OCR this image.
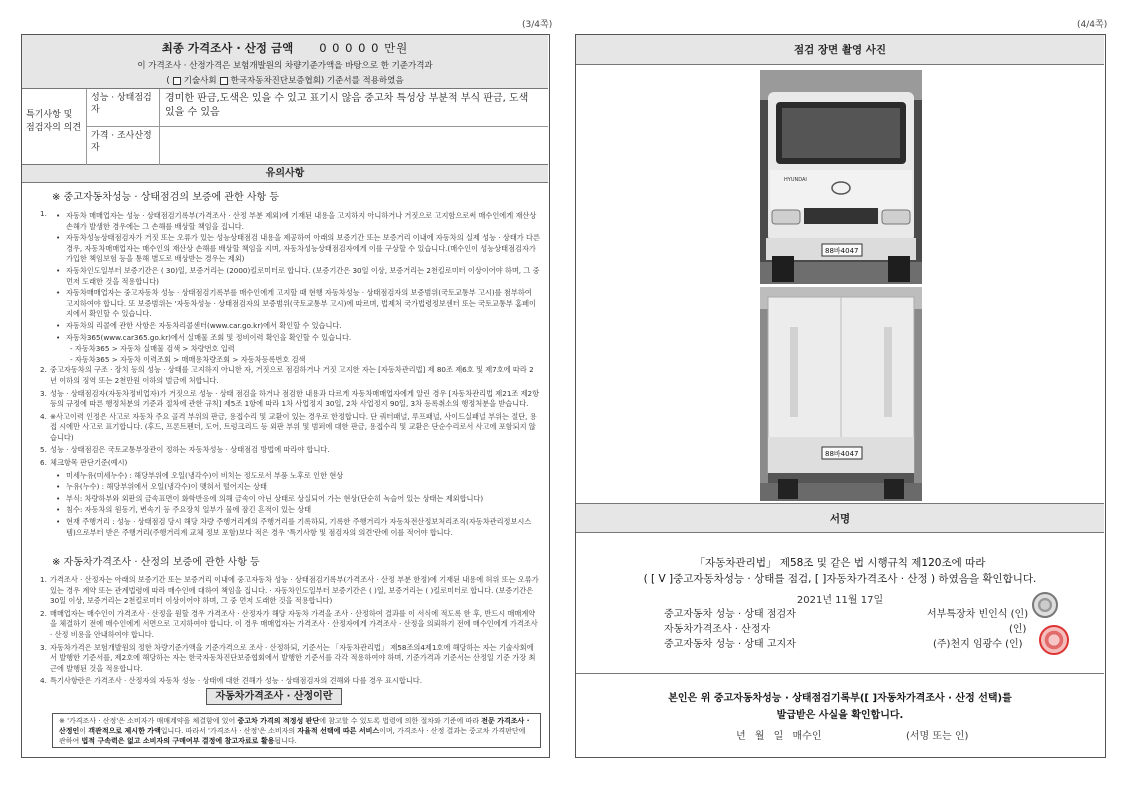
(3/4쪽)	(4/4쪽)
최종 가격조사 · 산정 금액 0 0 0 0 0 만원
이 가격조사 · 산정가격은 보험개발원의 차량기준가액을 바탕으로 한 기준가격과
( 기술사회 한국자동차진단보증협회) 기준서를 적용하였음
특기사항 및 점검자의 의견
성능 · 상태점검자
경미한 판금,도색은 있을 수 있고 표기시 않음 중고차 특성상 부분적 부식 판금, 도색 있을 수 있음
가격 · 조사산정자
유의사항
※ 중고자동차성능 · 상태점검의 보증에 관한 사항 등
1.
•	자동차 매매업자는 성능 · 상태점검기록부(가격조사 · 산정 부분 제외)에 기재된 내용을 고지하지 아니하거나 거짓으로 고지함으로써 매수인에게 재산상 손해가 발생한 경우에는 그 손해를 배상할 책임을 집니다.
• 자동차성능상태점검자가 거짓 또는 오류가 있는 성능상태점검 내용을 제공하여 아래의 보증기간 또는 보증거리 이내에 자동차의 실제 성능 · 상태가 다른 경우, 자동차매매업자는 매수인의 재산상 손해를 배상할 책임을 지며, 자동차성능상태점검자에게 이를 구상할 수 있습니다.(매수인이 성능상태점검자가 가입한 책임보험 등을 통해 별도로 배상받는 경우는 제외)
• 자동차인도일부터 보증기간은 ( 30)일, 보증거리는 (2000)킬로미터로 합니다. (보증기간은 30일 이상, 보증거리는 2천킬로미터 이상이어야 하며, 그 중 먼저 도래한 것을 적용합니다)
• 자동차매매업자는 중고자동차 성능 · 상태점검기록부를 매수인에게 고지할 때 현행 자동차성능 · 상태점검자의 보증범위(국토교통부 고시)를 첨부하여 고지하여야 합니다. 또 보증범위는 '자동차성능 · 상태점검자의 보증범위(국토교통부 고시)에 따르며, 법제처 국가법령정보센터 또는 국토교통부 홈페이지에서 확인할 수 있습니다.
• 자동차의 리콜에 관한 사항은 자동차리콜센터(www.car.go.kr)에서 확인할 수 있습니다.
• 자동차365(www.car365.go.kr)에서 실매물 조회 및 정비이력 확인을 확인할 수 있습니다.
- 자동차365 > 자동차 실매물 검색 > 차량번호 입력
- 자동차365 > 자동차 이력조회 > 매매용차량조회 > 자동차등록번호 검색
2. 중고자동차의 구조 · 장치 등의 성능 · 상태를 고지하지 아니한 자, 거짓으로 점검하거나 거짓 고지한 자는 [자동차관리법] 제 80조 제6호 및 제7호에 따라 2년 이하의 징역 또는 2천만원 이하의 벌금에 처합니다.
3. 성능 · 상태점검자(자동차정비업자)가 거짓으로 성능 · 상태 점검을 하거나 점검한 내용과 다르게 자동차매매업자에게 알린 경우 [자동차관리법 제21조 제2항 등의 규정에 따른 행정처분의 기준과 절차에 관한 규칙] 제5조 1항에 따라 1차 사업정지 30일, 2차 사업정지 90일, 3차 등록취소의 행정처분을 받습니다.
4. ※사고이력 인정은 사고로 자동차 주요 골격 부위의 판금, 용접수리 및 교환이 있는 경우로 한정합니다. 단 쿼터패널, 루프패널, 사이드실패널 부위는 절단, 용접 시에만 사고로 표기합니다. (후드, 프론트펜더, 도어, 트렁크리드 등 외판 부위 및 범퍼에 대한 판금, 용접수리 및 교환은 단순수리로서 사고에 포함되지 않습니다)
5. 성능 · 상태점검은 국토교통부장관이 정하는 자동차성능 · 상태점검 방법에 따라야 합니다.
6. 체크항목 판단기준(예시)
• 미세누유(미세누수) : 해당부위에 오일(냉각수)이 비치는 정도로서 부품 노후로 인한 현상
• 누유(누수) : 해당부위에서 오일(냉각수)이 맺혀서 떨어지는 상태
• 부식: 차량하부와 외판의 금속표면이 화학반응에 의해 금속이 아닌 상태로 상실되어 가는 현상(단순히 녹슬어 있는 상태는 제외합니다)
• 침수: 자동차의 원동기, 변속기 등 주요장치 일부가 물에 잠긴 흔적이 있는 상태
• 현재 주행거리 : 성능 · 상태점검 당시 해당 차량 주행거리계의 주행거리를 기록하되, 기록한 주행거리가 자동차전산정보처리조직(자동차관리정보시스템)으로부터 받은 주행거리(주행거리계 교체 정보 포함)보다 적은 경우 '특기사항 및 점검자의 의견'란에 이를 적어야 합니다.
※ 자동차가격조사 · 산정의 보증에 관한 사항 등
1. 가격조사 · 산정자는 아래의 보증기간 또는 보증거리 이내에 중고자동차 성능 · 상태점검기록부(가격조사 · 산정 부분 한정)에 기재된 내용에 허위 또는 오류가 있는 경우 계약 또는 관계법령에 따라 매수인에 대하여 책임을 집니다. · 자동차인도일부터 보증기간은 ( )일, 보증거리는 ( )킬로미터로 합니다. (보증기간은 30일 이상, 보증거리는 2천킬로미터 이상이어야 하며, 그 중 먼저 도래한 것을 적용합니다)
2. 매매업자는 매수인이 가격조사 · 산정을 원할 경우 가격조사 · 산정자가 해당 자동차 가격을 조사 · 산정하여 결과를 이 서식에 적도록 한 후, 반드시 매매계약을 체결하기 전에 매수인에게 서면으로 고지하여야 합니다. 이 경우 매매업자는 가격조사 · 산정자에게 가격조사 · 산정을 의뢰하기 전에 매수인에게 가격조사 · 산정 비용을 안내하여야 합니다.
3. 자동차가격은 보험개발원의 정한 차량기준가액을 기준가격으로 조사 · 산정하되, 기준서는 「자동차관리법」 제58조의4제1호에 해당하는 자는 기술사회에서 발행한 기준서를, 제2호에 해당하는 자는 한국자동차진단보증협회에서 발행한 기준서를 각각 적용하여야 하며, 기준가격과 기준서는 산정일 기준 가장 최근에 발행된 것을 적용합니다.
4. 특기사항란은 가격조사 · 산정자의 자동차 성능 · 상태에 대한 견해가 성능 · 상태점검자의 견해와 다를 경우 표시합니다.
자동차가격조사 · 산정이란
※ '가격조사 · 산정'은 소비자가 매매계약을 체결함에 있어 중고차 가격의 적정성 판단에 참고할 수 있도록 법령에 의한 절차와 기준에 따라 전문 가격조사 · 산정인이 객관적으로 제시한 가액입니다. 따라서 '가격조사 · 산정'은 소비자의 자율적 선택에 따른 서비스이며, 가격조사 · 산정 결과는 중고차 가격판단에 관하여 법적 구속력은 없고 소비자의 구매여부 결정에 참고자료로 활용됩니다.
점검 장면 촬영 사진
HYUNDAI
88바4047
88바4047
서명
「자동차관리법」 제58조 및 같은 법 시행규칙 제120조에 따라
( [ V ]중고자동차성능 · 상태를 점검, [ ]자동차가격조사 · 산정 ) 하였음을 확인합니다.
2021년 11월 17일
중고자동차 성능 · 상태 점검자	서부특장차 빈인식 (인)
자동차가격조사 · 산정자	(인)
중고자동차 성능 · 상태 고지자	(주)천지 임광수 (인)
본인은 위 중고자동차성능 · 상태점검기록부([ ]자동차가격조사 · 산정 선택)를
발급받은 사실을 확인합니다.
년 월 일 매수인	(서명 또는 인)
